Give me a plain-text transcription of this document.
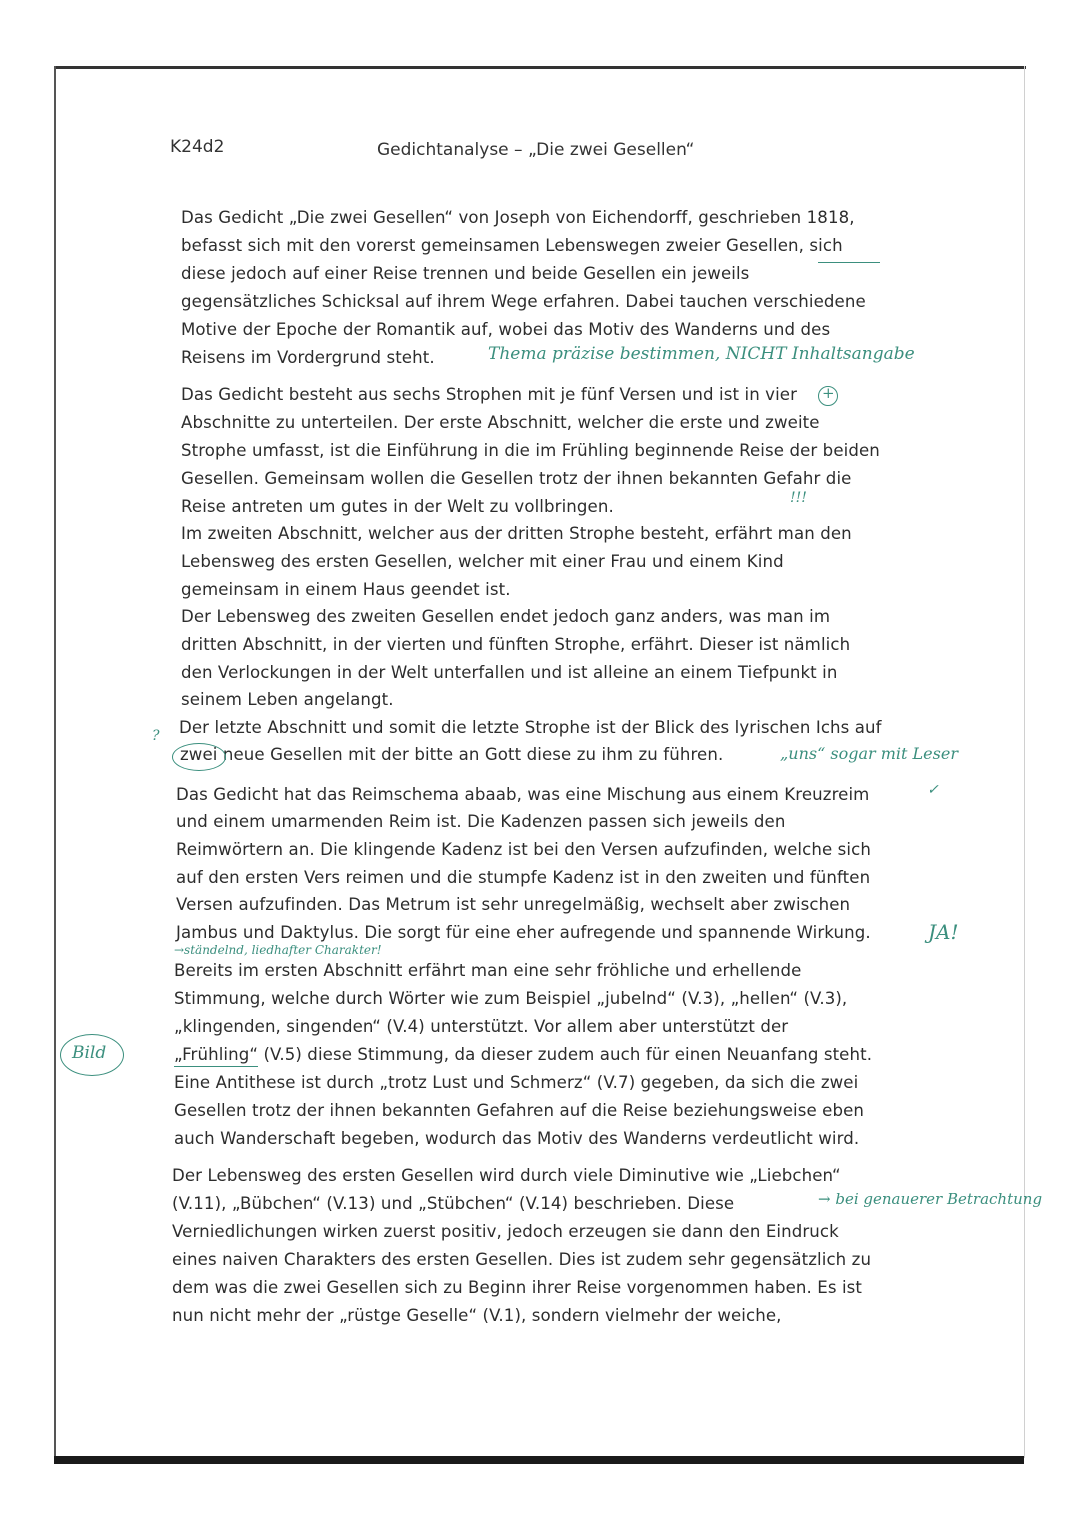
K24d2	Gedichtanalyse – „Die zwei Gesellen“
Das Gedicht „Die zwei Gesellen“ von Joseph von Eichendorff, geschrieben 1818,
befasst sich mit den vorerst gemeinsamen Lebenswegen zweier Gesellen, sich
diese jedoch auf einer Reise trennen und beide Gesellen ein jeweils
gegensätzliches Schicksal auf ihrem Wege erfahren. Dabei tauchen verschiedene
Motive der Epoche der Romantik auf, wobei das Motiv des Wanderns und des
Reisens im Vordergrund steht.
Das Gedicht besteht aus sechs Strophen mit je fünf Versen und ist in vier
Abschnitte zu unterteilen. Der erste Abschnitt, welcher die erste und zweite
Strophe umfasst, ist die Einführung in die im Frühling beginnende Reise der beiden
Gesellen. Gemeinsam wollen die Gesellen trotz der ihnen bekannten Gefahr die
Reise antreten um gutes in der Welt zu vollbringen.
Im zweiten Abschnitt, welcher aus der dritten Strophe besteht, erfährt man den
Lebensweg des ersten Gesellen, welcher mit einer Frau und einem Kind
gemeinsam in einem Haus geendet ist.
Der Lebensweg des zweiten Gesellen endet jedoch ganz anders, was man im
dritten Abschnitt, in der vierten und fünften Strophe, erfährt. Dieser ist nämlich
den Verlockungen in der Welt unterfallen und ist alleine an einem Tiefpunkt in
seinem Leben angelangt.
Der letzte Abschnitt und somit die letzte Strophe ist der Blick des lyrischen Ichs auf
zwei neue Gesellen mit der bitte an Gott diese zu ihm zu führen.
Das Gedicht hat das Reimschema abaab, was eine Mischung aus einem Kreuzreim
und einem umarmenden Reim ist. Die Kadenzen passen sich jeweils den
Reimwörtern an. Die klingende Kadenz ist bei den Versen aufzufinden, welche sich
auf den ersten Vers reimen und die stumpfe Kadenz ist in den zweiten und fünften
Versen aufzufinden. Das Metrum ist sehr unregelmäßig, wechselt aber zwischen
Jambus und Daktylus. Die sorgt für eine eher aufregende und spannende Wirkung.
Bereits im ersten Abschnitt erfährt man eine sehr fröhliche und erhellende
Stimmung, welche durch Wörter wie zum Beispiel „jubelnd“ (V.3), „hellen“ (V.3),
„klingenden, singenden“ (V.4) unterstützt. Vor allem aber unterstützt der
„Frühling“ (V.5) diese Stimmung, da dieser zudem auch für einen Neuanfang steht.
Eine Antithese ist durch „trotz Lust und Schmerz“ (V.7) gegeben, da sich die zwei
Gesellen trotz der ihnen bekannten Gefahren auf die Reise beziehungsweise eben
auch Wanderschaft begeben, wodurch das Motiv des Wanderns verdeutlicht wird.
Der Lebensweg des ersten Gesellen wird durch viele Diminutive wie „Liebchen“
(V.11), „Bübchen“ (V.13) und „Stübchen“ (V.14) beschrieben. Diese
Verniedlichungen wirken zuerst positiv, jedoch erzeugen sie dann den Eindruck
eines naiven Charakters des ersten Gesellen. Dies ist zudem sehr gegensätzlich zu
dem was die zwei Gesellen sich zu Beginn ihrer Reise vorgenommen haben. Es ist
nun nicht mehr der „rüstge Geselle“ (V.1), sondern vielmehr der weiche,
Thema präzise bestimmen, NICHT Inhaltsangabe
+
!!!
?
„uns“ sogar mit Leser
✓
JA!
→ständelnd, liedhafter Charakter!
Bild
→ bei genauerer Betrachtung
